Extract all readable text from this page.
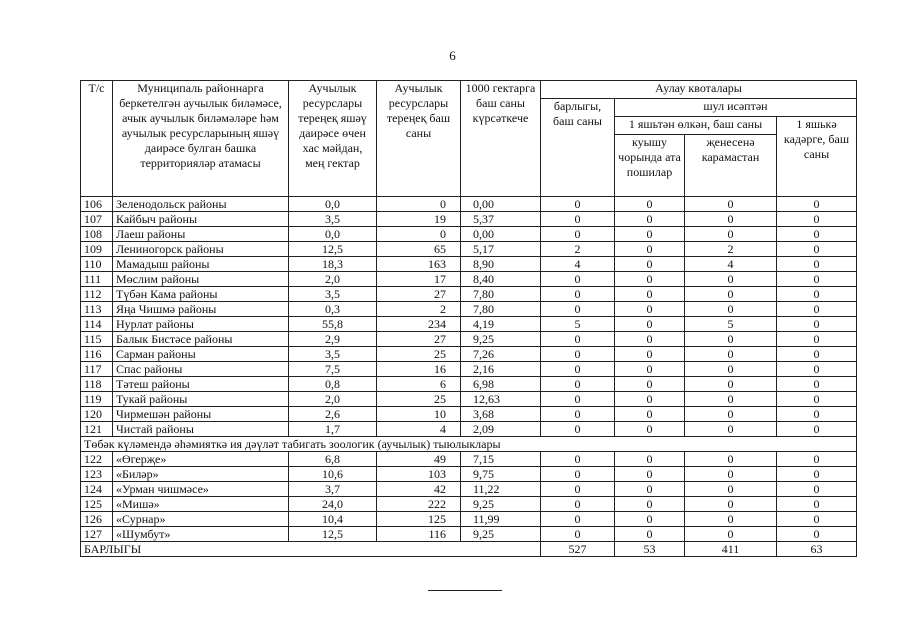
6
Т/с	Муниципаль районнарга беркетелгән аучылык биләмәсе, ачык аучылык биләмәләре һәм аучылык ресурсларының яшәү даирәсе булган башка территорияләр атамасы	Аучылык ресурслары тереңеқ яшәү даирәсе өчен хас мәйдан, мең гектар	Аучылык ресурслары тереңеқ баш саны	1000 гектарга баш саны күрсәткече	Аулау квоталары			
					барлыгы, баш саны	шул исәптән		
						1 яшьтән өлкән, баш саны		1 яшькә кадәрге, баш саны
						куышу чорында ата пошилар	җенесенә карамастан	
106	Зеленодольск районы	0,0	0	0,00	0	0	0	0
107	Кайбыч районы	3,5	19	5,37	0	0	0	0
108	Лаеш районы	0,0	0	0,00	0	0	0	0
109	Лениногорск районы	12,5	65	5,17	2	0	2	0
110	Мамадыш районы	18,3	163	8,90	4	0	4	0
111	Мөслим районы	2,0	17	8,40	0	0	0	0
112	Түбән Кама районы	3,5	27	7,80	0	0	0	0
113	Яңа Чишмә районы	0,3	2	7,80	0	0	0	0
114	Нурлат районы	55,8	234	4,19	5	0	5	0
115	Балык Бистәсе районы	2,9	27	9,25	0	0	0	0
116	Сарман районы	3,5	25	7,26	0	0	0	0
117	Спас районы	7,5	16	2,16	0	0	0	0
118	Тәтеш районы	0,8	6	6,98	0	0	0	0
119	Тукай районы	2,0	25	12,63	0	0	0	0
120	Чирмешән районы	2,6	10	3,68	0	0	0	0
121	Чистай районы	1,7	4	2,09	0	0	0	0
Төбәк күләмендә әһәмияткә ия дәүләт табигать зоологик (аучылык) тыюлыклары								
122	«Өгерҗе»	6,8	49	7,15	0	0	0	0
123	«Биләр»	10,6	103	9,75	0	0	0	0
124	«Урман чишмәсе»	3,7	42	11,22	0	0	0	0
125	«Мишә»	24,0	222	9,25	0	0	0	0
126	«Сурнар»	10,4	125	11,99	0	0	0	0
127	«Шумбут»	12,5	116	9,25	0	0	0	0
БАРЛЫГЫ					527	53	411	63
